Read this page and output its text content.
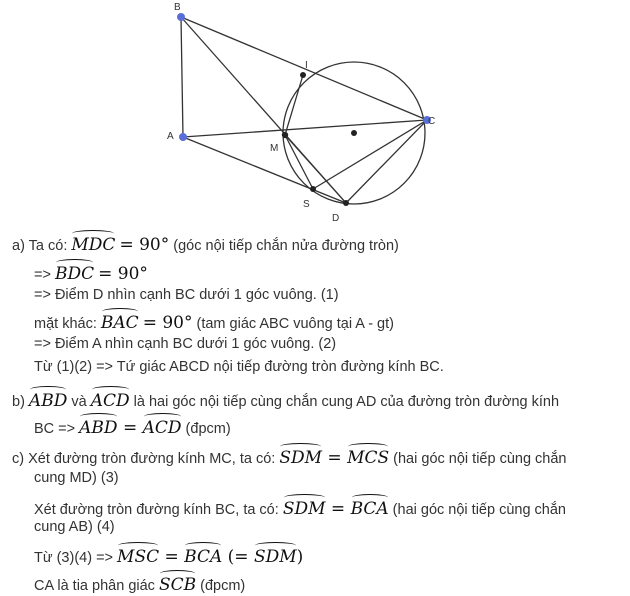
B
I
A
M
C
S
D
a) Ta có: MDC = 90° (góc nội tiếp chắn nửa đường tròn)
=> BDC = 90°
=> Điểm D nhìn cạnh BC dưới 1 góc vuông. (1)
mặt khác: BAC = 90° (tam giác ABC vuông tại A - gt)
=> Điểm A nhìn cạnh BC dưới 1 góc vuông. (2)
Từ (1)(2) => Tứ giác ABCD nội tiếp đường tròn đường kính BC.
b) ABD và ACD là hai góc nội tiếp cùng chắn cung AD của đường tròn đường kính
BC => ABD = ACD (đpcm)
c) Xét đường tròn đường kính MC, ta có: SDM = MCS (hai góc nội tiếp cùng chắn
cung MD) (3)
Xét đường tròn đường kính BC, ta có: SDM = BCA (hai góc nội tiếp cùng chắn
cung AB) (4)
Từ (3)(4) => MSC = BCA (= SDM)
CA là tia phân giác SCB (đpcm)
